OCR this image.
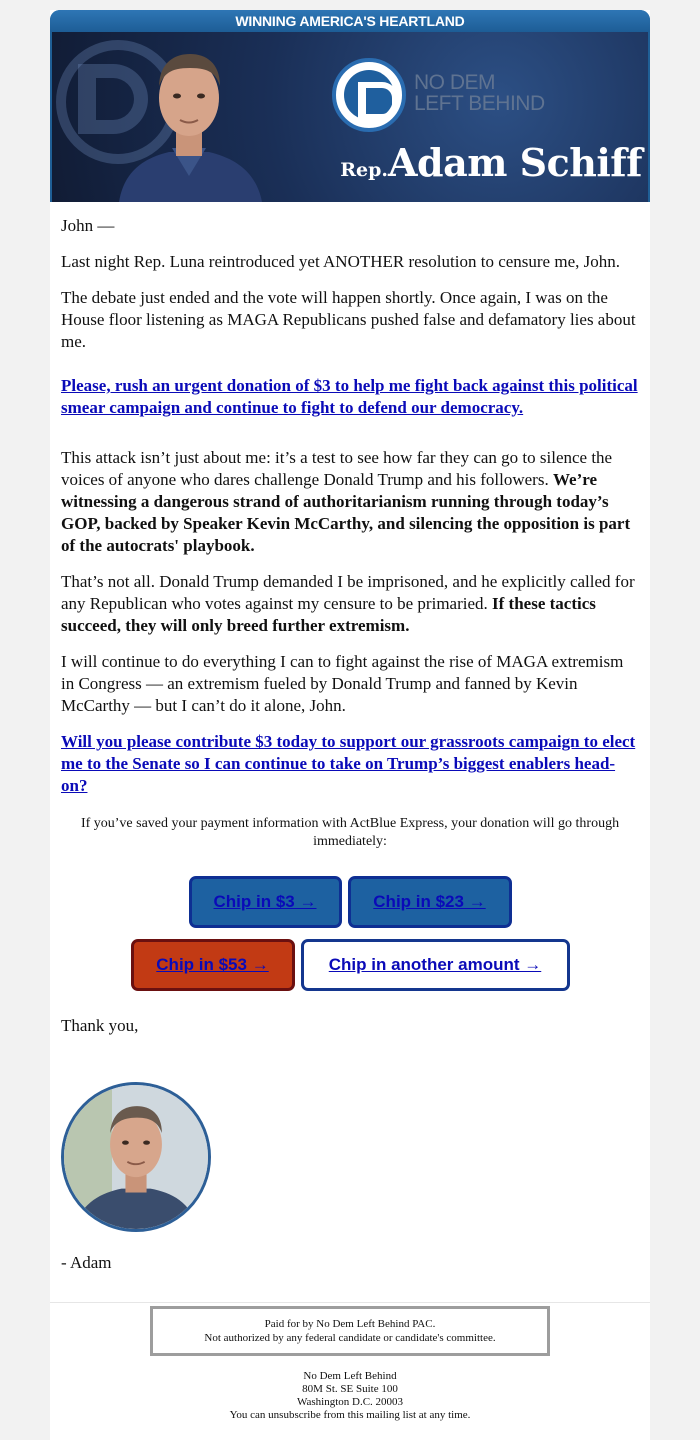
WINNING AMERICA'S HEARTLAND
NO DEM
LEFT BEHIND
Rep.Adam Schiff

John —

Last night Rep. Luna reintroduced yet ANOTHER resolution to censure me, John.

The debate just ended and the vote will happen shortly. Once again, I was on the House floor listening as MAGA Republicans pushed false and defamatory lies about me.

Please, rush an urgent donation of $3 to help me fight back against this political smear campaign and continue to fight to defend our democracy.

This attack isn’t just about me: it’s a test to see how far they can go to silence the voices of anyone who dares challenge Donald Trump and his followers. We’re witnessing a dangerous strand of authoritarianism running through today’s GOP, backed by Speaker Kevin McCarthy, and silencing the opposition is part of the autocrats' playbook.

That’s not all. Donald Trump demanded I be imprisoned, and he explicitly called for any Republican who votes against my censure to be primaried. If these tactics succeed, they will only breed further extremism.

I will continue to do everything I can to fight against the rise of MAGA extremism in Congress — an extremism fueled by Donald Trump and fanned by Kevin McCarthy — but I can’t do it alone, John.

Will you please contribute $3 today to support our grassroots campaign to elect me to the Senate so I can continue to take on Trump’s biggest enablers head-on?

If you’ve saved your payment information with ActBlue Express, your donation will go through immediately:
Chip in $3 →	Chip in $23 →
Chip in $53 →	Chip in another amount →

Thank you,

- Adam
Paid for by No Dem Left Behind PAC.
Not authorized by any federal candidate or candidate's committee.
No Dem Left Behind
80M St. SE Suite 100
Washington D.C. 20003
You can unsubscribe from this mailing list at any time.
